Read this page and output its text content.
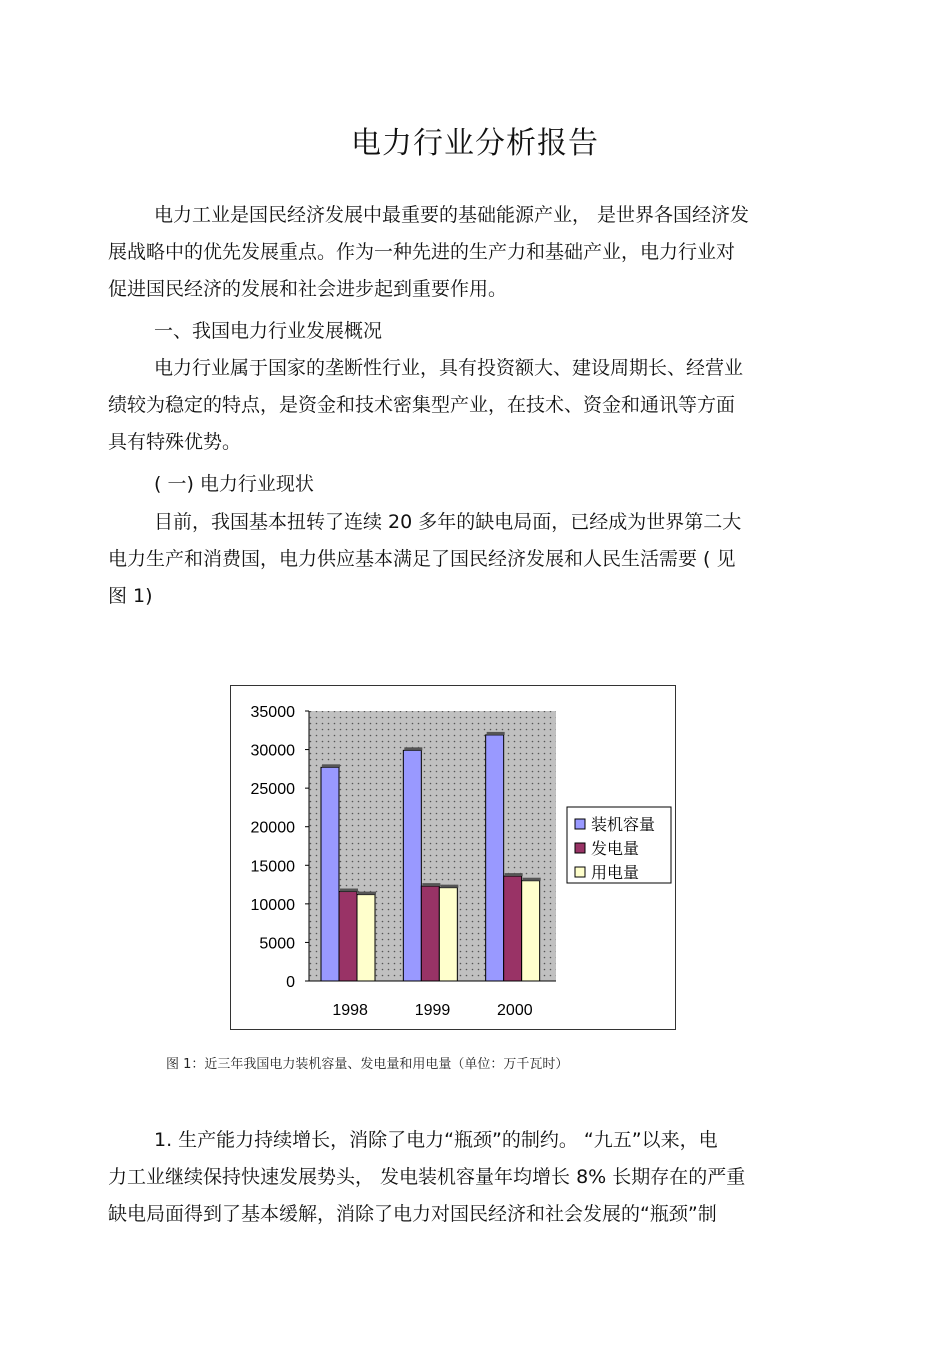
电力行业分析报告
电力工业是国民经济发展中最重要的基础能源产业， 是世界各国经济发
展战略中的优先发展重点。作为一种先进的生产力和基础产业，电力行业对
促进国民经济的发展和社会进步起到重要作用。
一、我国电力行业发展概况
电力行业属于国家的垄断性行业，具有投资额大、建设周期长、经营业
绩较为稳定的特点，是资金和技术密集型产业，在技术、资金和通讯等方面
具有特殊优势。
( 一) 电力行业现状
目前，我国基本扭转了连续 20 多年的缺电局面，已经成为世界第二大
电力生产和消费国，电力供应基本满足了国民经济发展和人民生活需要 ( 见
图 1)
35000
30000
25000
20000
15000
10000
5000
0
1998	1999	2000
装机容量
发电量
用电量
图 1：近三年我国电力装机容量、发电量和用电量（单位：万千瓦时）
1. 生产能力持续增长，消除了电力“瓶颈”的制约。 “九五”以来，电
力工业继续保持快速发展势头， 发电装机容量年均增长 8% 长期存在的严重
缺电局面得到了基本缓解，消除了电力对国民经济和社会发展的“瓶颈”制
